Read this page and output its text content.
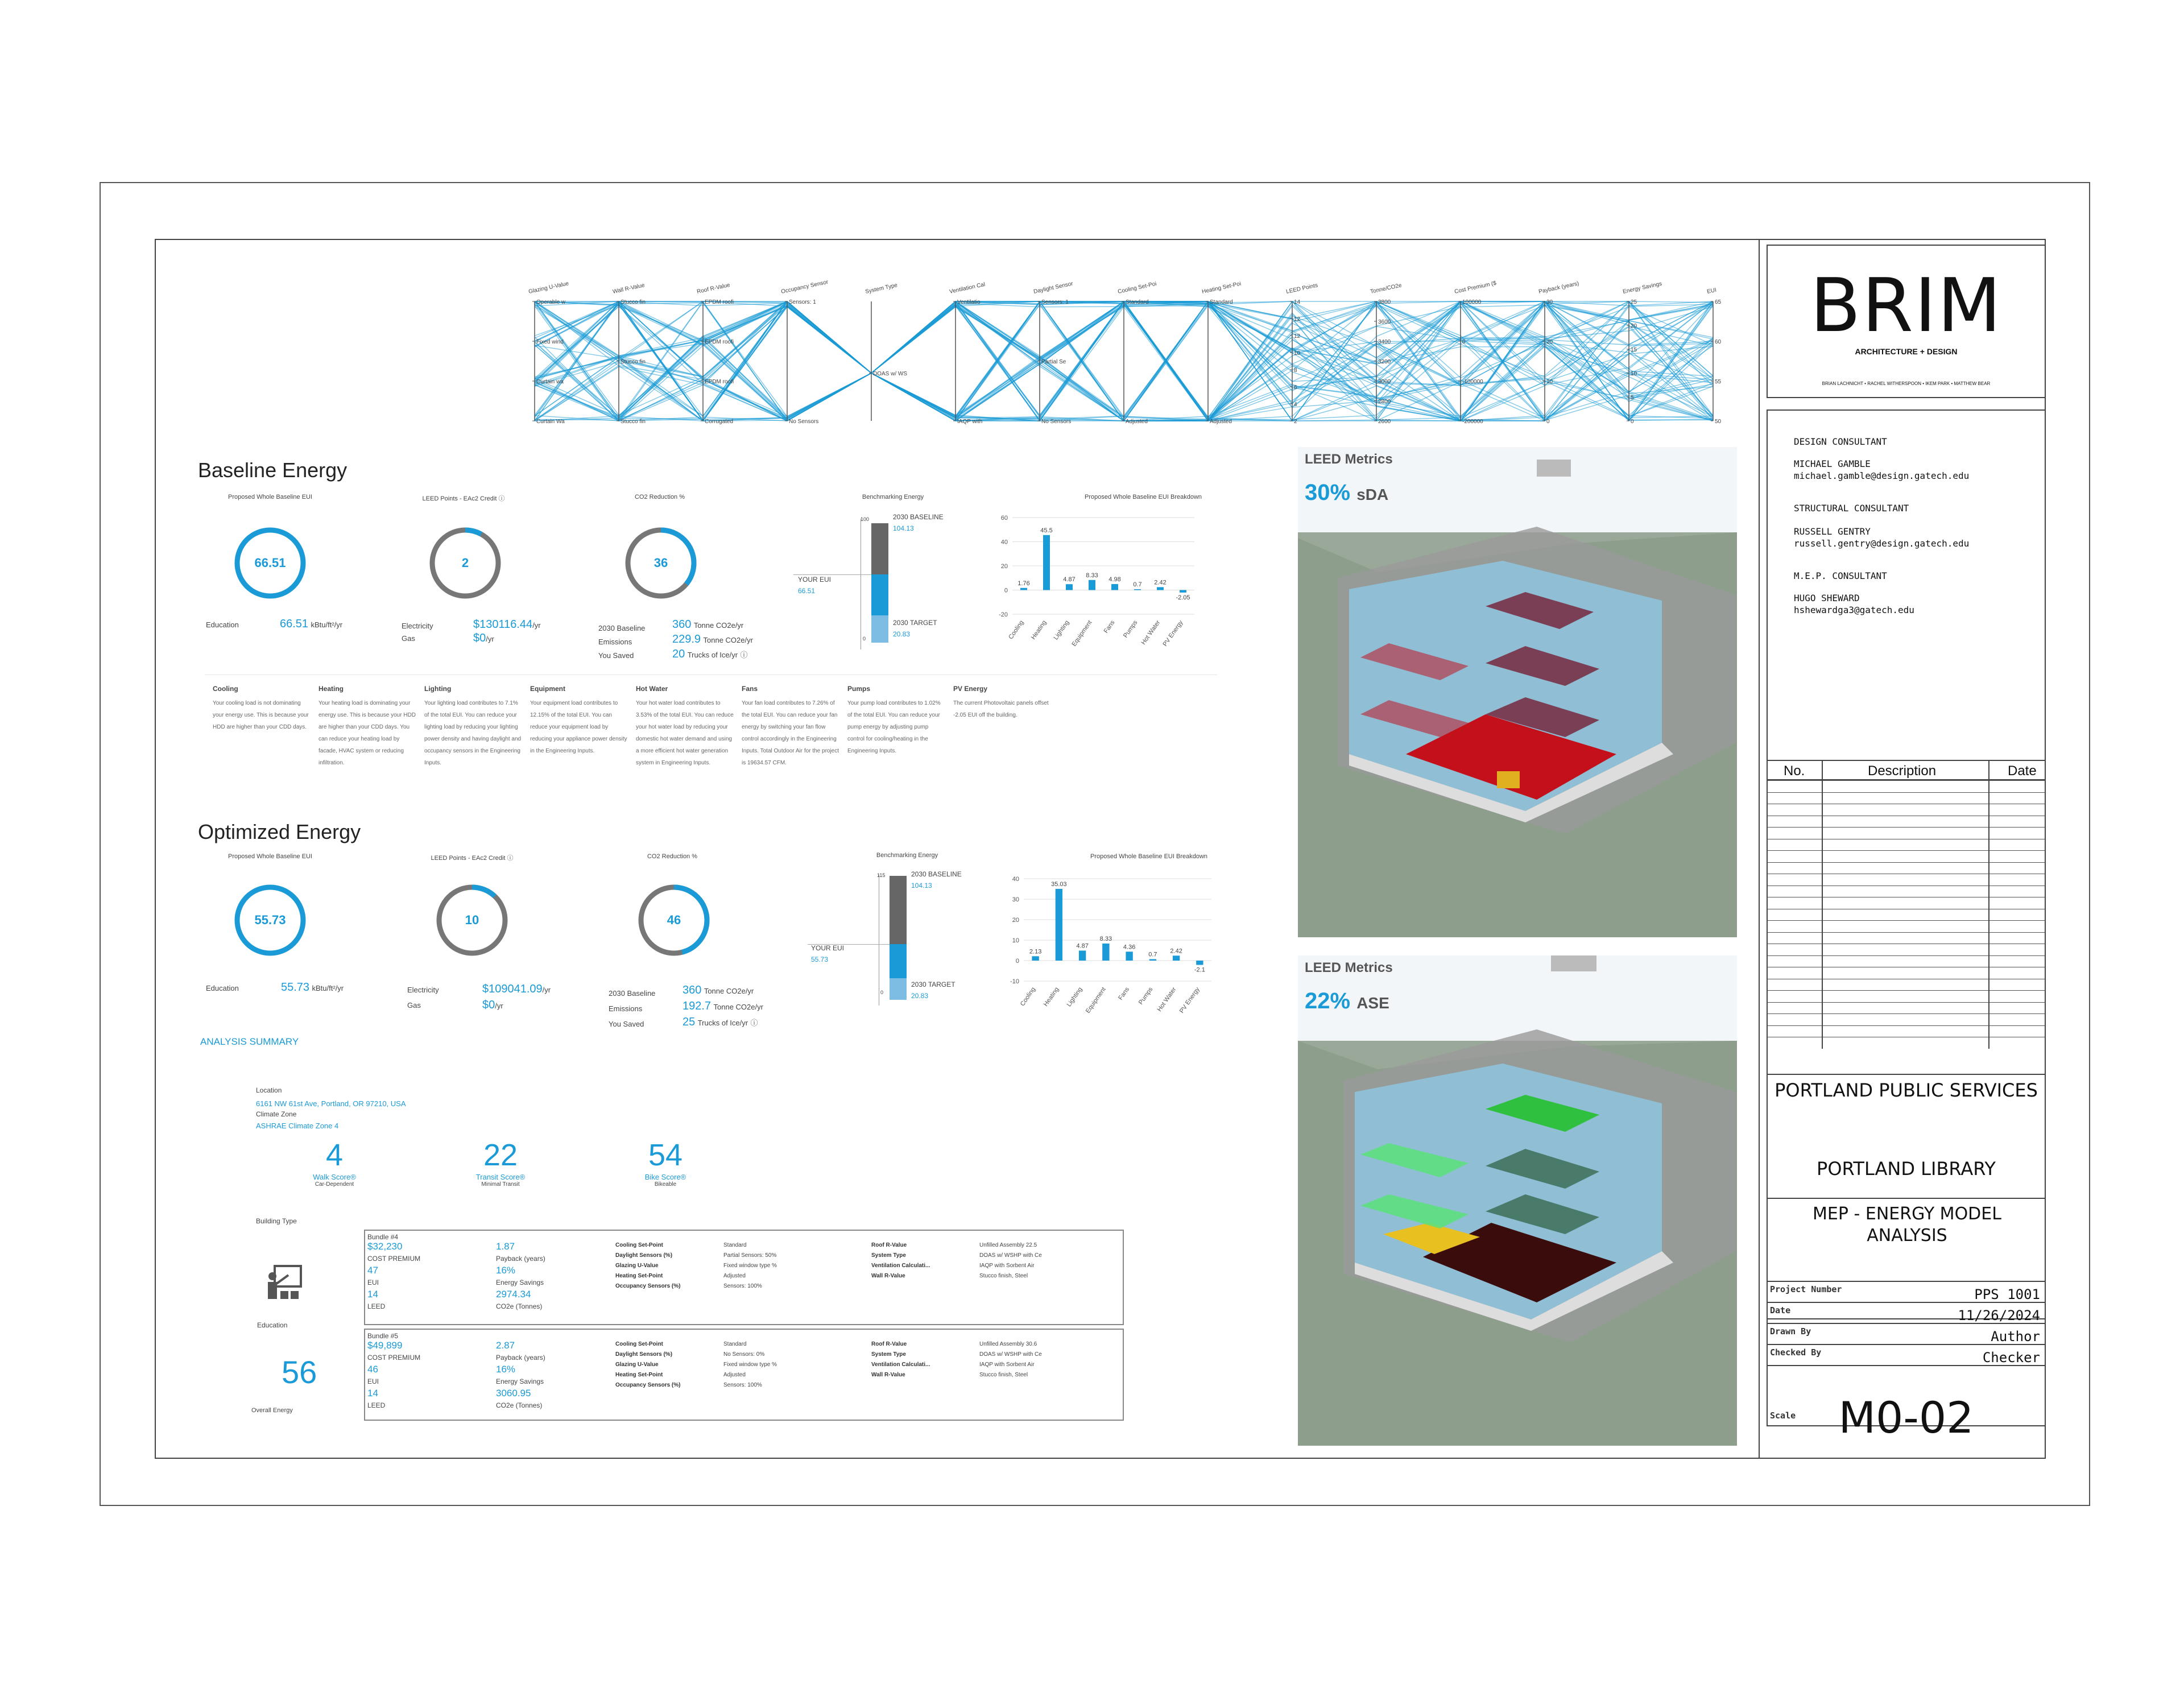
Glazing U-Value
Operable w
Fixed wind
Curtain wa
Curtain Wa
Wall R-Value
Stucco fin
Stucco fin
Stucco fin
Roof R-Value
EPDM roofi
EPDM roofi
EPDM roofi
Corrugated
Occupancy Sensor
Sensors: 1
No Sensors
System Type
DOAS w/ WS
Ventilation Cal
Ventilatio
IAQP with
Daylight Sensor
Sensors: 1
Partial Se
No Sensors
Cooling Set-Poi
Standard
Adjusted
Heating Set-Poi
Standard
Adjusted
LEED Points
14
12
12
10
8
6
4
2
Tonne/CO2e
3800
3600
3400
3200
3000
2800
2600
Cost Premium ($
100000
0
-100000
-200000
Payback (years)
30
20
10
0
Energy Savings
25
20
15
10
5
0
EUI
65
60
55
50
Baseline Energy
Proposed Whole Baseline EUI
66.51
Education	66.51 kBtu/ft²/yr
LEED Points - EAc2 Credit ⓘ
2
Electricity
Gas
$130116.44/yr
$0/yr
CO2 Reduction %
36
2030 Baseline
Emissions
You Saved
360 Tonne CO2e/yr
229.9 Tonne CO2e/yr
20 Trucks of Ice/yr ⓘ
Benchmarking Energy
100
0
YOUR EUI
66.51
2030 BASELINE
104.13
2030 TARGET
20.83
Proposed Whole Baseline EUI Breakdown
60
40
20
0
-20
1.76
Cooling
45.5
Heating
4.87
Lighting
8.33
Equipment
4.98
Fans
0.7
Pumps
2.42
Hot Water
-2.05
PV Energy
Cooling
Your cooling load is not dominating your energy use. This is because your HDD are higher than your CDD days.
Heating
Your heating load is dominating your energy use. This is because your HDD are higher than your CDD days. You can reduce your heating load by facade, HVAC system or reducing infiltration.
Lighting
Your lighting load contributes to 7.1% of the total EUI. You can reduce your lighting load by reducing your lighting power density and having daylight and occupancy sensors in the Engineering Inputs.
Equipment
Your equipment load contributes to 12.15% of the total EUI. You can reduce your equipment load by reducing your appliance power density in the Engineering Inputs.
Hot Water
Your hot water load contributes to 3.53% of the total EUI. You can reduce your hot water load by reducing your domestic hot water demand and using a more efficient hot water generation system in Engineering Inputs.
Fans
Your fan load contributes to 7.26% of the total EUI. You can reduce your fan energy by switching your fan flow control accordingly in the Engineering Inputs. Total Outdoor Air for the project is 19634.57 CFM.
Pumps
Your pump load contributes to 1.02% of the total EUI. You can reduce your pump energy by adjusting pump control for cooling/heating in the Engineering Inputs.
PV Energy
The current Photovoltaic panels offset -2.05 EUI off the building.
Optimized Energy
Proposed Whole Baseline EUI
55.73
Education	55.73 kBtu/ft²/yr
LEED Points - EAc2 Credit ⓘ
10
Electricity
Gas
$109041.09/yr
$0/yr
CO2 Reduction %
46
2030 Baseline
Emissions
You Saved
360 Tonne CO2e/yr
192.7 Tonne CO2e/yr
25 Trucks of Ice/yr ⓘ
Benchmarking Energy
115
0
YOUR EUI
55.73
2030 BASELINE
104.13
2030 TARGET
20.83
Proposed Whole Baseline EUI Breakdown
40
30
20
10
0
-10
2.13
Cooling
35.03
Heating
4.87
Lighting
8.33
Equipment
4.36
Fans
0.7
Pumps
2.42
Hot Water
-2.1
PV Energy
ANALYSIS SUMMARY
Location
6161 NW 61st Ave, Portland, OR 97210, USA
Climate Zone
ASHRAE Climate Zone 4
4
Walk Score®
Car-Dependent
22
Transit Score®
Minimal Transit
54
Bike Score®
Bikeable
Building Type
Education
56
Overall Energy
Bundle #4
$32,230
COST PREMIUM
47
EUI
14
LEED
1.87
Payback (years)
16%
Energy Savings
2974.34
CO2e (Tonnes)
Cooling Set-Point	Standard
Daylight Sensors (%)	Partial Sensors: 50%
Glazing U-Value	Fixed window type %
Heating Set-Point	Adjusted
Occupancy Sensors (%)	Sensors: 100%
Roof R-Value	Unfilled Assembly 22.5
System Type	DOAS w/ WSHP with Ce
Ventilation Calculati...	IAQP with Sorbent Air
Wall R-Value	Stucco finish, Steel
Bundle #5
$49,899
COST PREMIUM
46
EUI
14
LEED
2.87
Payback (years)
16%
Energy Savings
3060.95
CO2e (Tonnes)
Cooling Set-Point	Standard
Daylight Sensors (%)	No Sensors: 0%
Glazing U-Value	Fixed window type %
Heating Set-Point	Adjusted
Occupancy Sensors (%)	Sensors: 100%
Roof R-Value	Unfilled Assembly 30.6
System Type	DOAS w/ WSHP with Ce
Ventilation Calculati...	IAQP with Sorbent Air
Wall R-Value	Stucco finish, Steel
LEED Metrics
30% sDA
LEED Metrics
22% ASE
BRIM
ARCHITECTURE + DESIGN
BRIAN LACHNICHT • RACHEL WITHERSPOON • IKEM PARK • MATTHEW BEAR
DESIGN CONSULTANT
MICHAEL GAMBLE
michael.gamble@design.gatech.edu
STRUCTURAL CONSULTANT
RUSSELL GENTRY
russell.gentry@design.gatech.edu
M.E.P. CONSULTANT
HUGO SHEWARD
hshewardga3@gatech.edu
No.	Description	Date
PORTLAND PUBLIC SERVICES
PORTLAND LIBRARY
MEP - ENERGY MODEL ANALYSIS
Project Number	PPS 1001
Date	11/26/2024
Drawn By	Author
Checked By	Checker
M0-02
Scale
